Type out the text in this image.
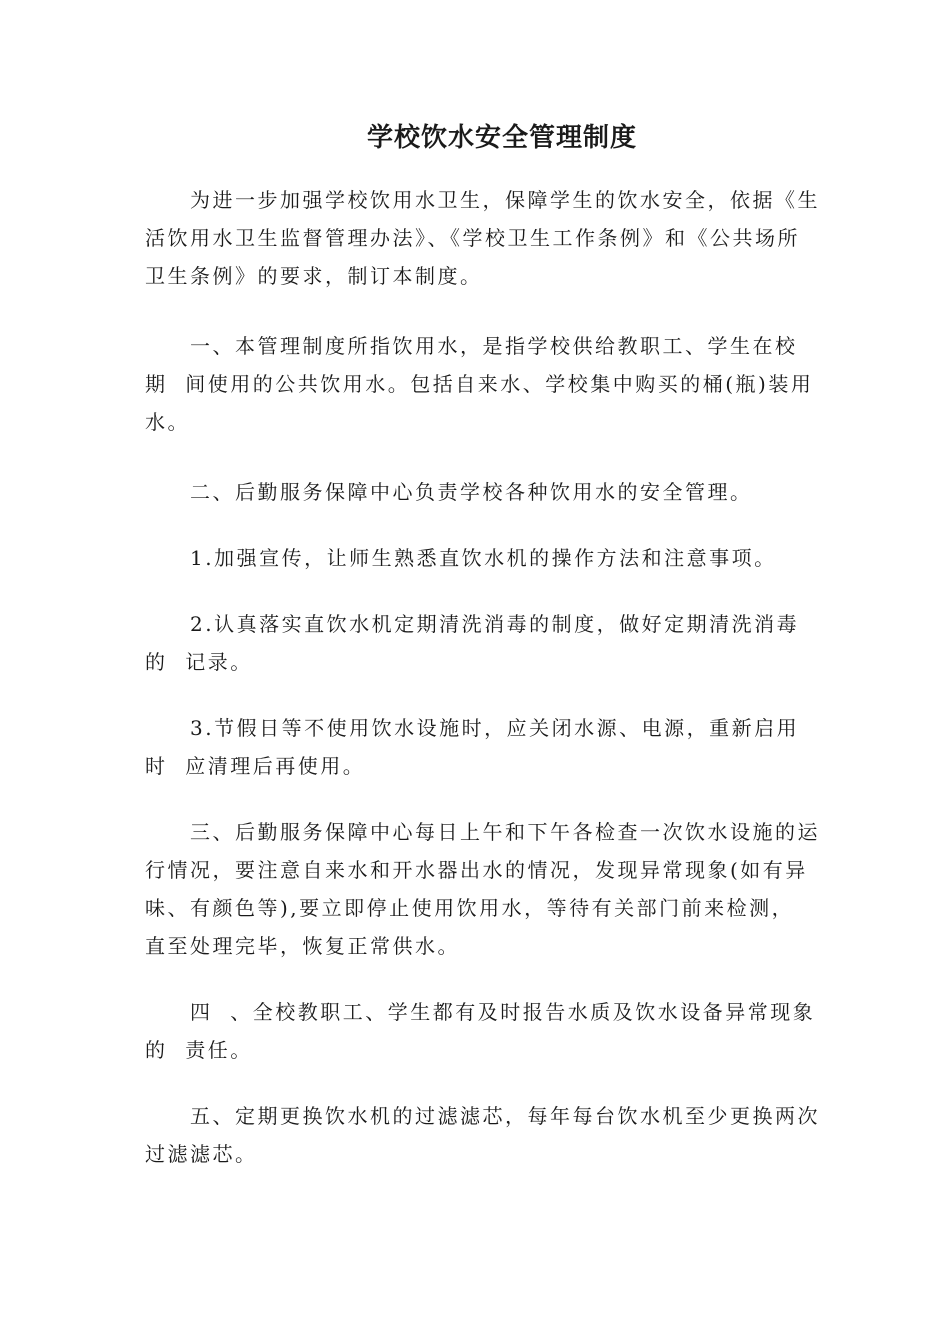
学校饮水安全管理制度

为进一步加强学校饮用水卫生，保障学生的饮水安全，依据《生
活饮用水卫生监督管理办法》、《学校卫生工作条例》和《公共场所
卫生条例》的要求，制订本制度。

一、本管理制度所指饮用水，是指学校供给教职工、学生在校
期  间使用的公共饮用水。包括自来水、学校集中购买的桶(瓶)装用
水。

二、后勤服务保障中心负责学校各种饮用水的安全管理。

1.加强宣传，让师生熟悉直饮水机的操作方法和注意事项。

2.认真落实直饮水机定期清洗消毒的制度，做好定期清洗消毒
的  记录。

3.节假日等不使用饮水设施时，应关闭水源、电源，重新启用
时  应清理后再使用。

三、后勤服务保障中心每日上午和下午各检查一次饮水设施的运
行情况，要注意自来水和开水器出水的情况，发现异常现象(如有异
味、有颜色等),要立即停止使用饮用水，等待有关部门前来检测，
直至处理完毕，恢复正常供水。

四  、全校教职工、学生都有及时报告水质及饮水设备异常现象
的  责任。

五、定期更换饮水机的过滤滤芯，每年每台饮水机至少更换两次
过滤滤芯。
